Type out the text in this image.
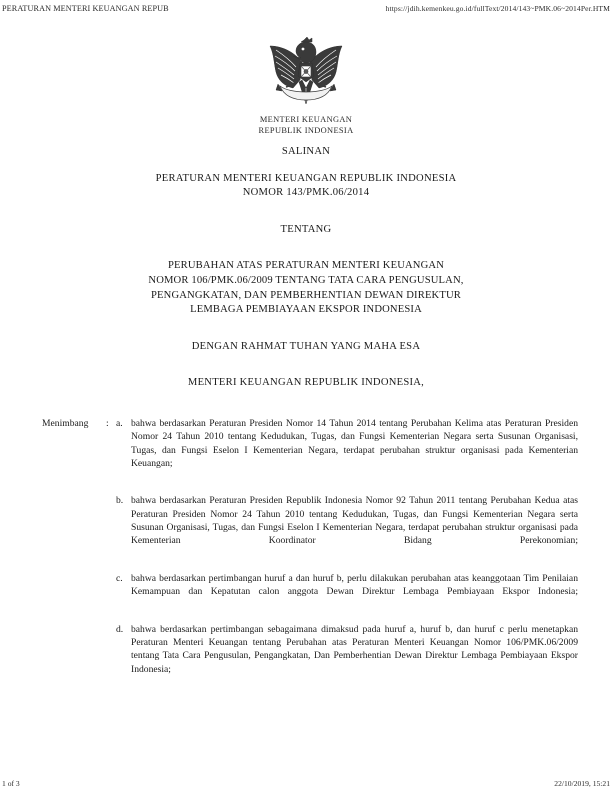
PERATURAN MENTERI KEUANGAN REPUB	https://jdih.kemenkeu.go.id/fullText/2014/143~PMK.06~2014Per.HTM
MENTERI KEUANGAN
REPUBLIK INDONESIA
SALINAN
PERATURAN MENTERI KEUANGAN REPUBLIK INDONESIA
NOMOR 143/PMK.06/2014
TENTANG
PERUBAHAN ATAS PERATURAN MENTERI KEUANGAN
NOMOR 106/PMK.06/2009 TENTANG TATA CARA PENGUSULAN,
PENGANGKATAN, DAN PEMBERHENTIAN DEWAN DIREKTUR
LEMBAGA PEMBIAYAAN EKSPOR INDONESIA
DENGAN RAHMAT TUHAN YANG MAHA ESA
MENTERI KEUANGAN REPUBLIK INDONESIA,
Menimbang	: a. bahwa berdasarkan Peraturan Presiden Nomor 14 Tahun 2014 tentang Perubahan Kelima atas Peraturan Presiden Nomor 24 Tahun 2010 tentang Kedudukan, Tugas, dan Fungsi Kementerian Negara serta Susunan Organisasi, Tugas, dan Fungsi Eselon I Kementerian Negara, terdapat perubahan struktur organisasi pada Kementerian Keuangan;
b. bahwa berdasarkan Peraturan Presiden Republik Indonesia Nomor 92 Tahun 2011 tentang Perubahan Kedua atas Peraturan Presiden Nomor 24 Tahun 2010 tentang Kedudukan, Tugas, dan Fungsi Kementerian Negara serta Susunan Organisasi, Tugas, dan Fungsi Eselon I Kementerian Negara, terdapat perubahan struktur organisasi pada Kementerian Koordinator Bidang Perekonomian;
c. bahwa berdasarkan pertimbangan huruf a dan huruf b, perlu dilakukan perubahan atas keanggotaan Tim Penilaian Kemampuan dan Kepatutan calon anggota Dewan Direktur Lembaga Pembiayaan Ekspor Indonesia;
d. bahwa berdasarkan pertimbangan sebagaimana dimaksud pada huruf a, huruf b, dan huruf c perlu menetapkan Peraturan Menteri Keuangan tentang Perubahan atas Peraturan Menteri Keuangan Nomor 106/PMK.06/2009 tentang Tata Cara Pengusulan, Pengangkatan, Dan Pemberhentian Dewan Direktur Lembaga Pembiayaan Ekspor Indonesia;
1 of 3	22/10/2019, 15:21
